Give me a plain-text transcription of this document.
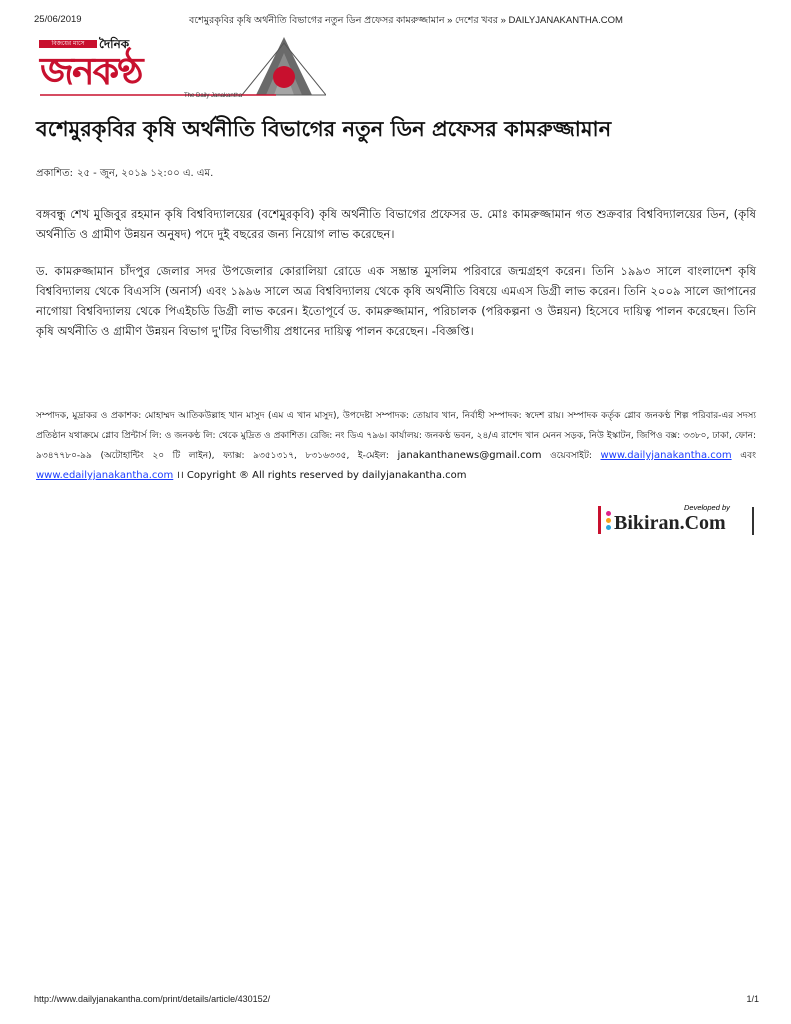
25/06/2019	বশেমুরকৃবির কৃষি অর্থনীতি বিভাগের নতুন ডিন প্রফেসর কামরুজ্জামান » দেশের খবর » DAILYJANAKANTHA.COM
বিজয়ের মাসে	দৈনিক
জনকণ্ঠ
The Daily Janakantha
বশেমুরকৃবির কৃষি অর্থনীতি বিভাগের নতুন ডিন প্রফেসর কামরুজ্জামান
প্রকাশিত: ২৫ - জুন, ২০১৯ ১২:০০ এ. এম.

বঙ্গবন্ধু শেখ মুজিবুর রহমান কৃষি বিশ্ববিদ্যালয়ের (বশেমুরকৃবি) কৃষি অর্থনীতি বিভাগের প্রফেসর ড. মোঃ কামরুজ্জামান গত শুক্রবার বিশ্ববিদ্যালয়ের ডিন, (কৃষি অর্থনীতি ও গ্রামীণ উন্নয়ন অনুষদ) পদে দুই বছরের জন্য নিয়োগ লাভ করেছেন।

ড. কামরুজ্জামান চাঁদপুর জেলার সদর উপজেলার কোরালিয়া রোডে এক সম্ভ্রান্ত মুসলিম পরিবারে জন্মগ্রহণ করেন। তিনি ১৯৯৩ সালে বাংলাদেশ কৃষি বিশ্ববিদ্যালয় থেকে বিএসসি (অনার্স) এবং ১৯৯৬ সালে অত্র বিশ্ববিদ্যালয় থেকে কৃষি অর্থনীতি বিষয়ে এমএস ডিগ্রী লাভ করেন। তিনি ২০০৯ সালে জাপানের নাগোয়া বিশ্ববিদ্যালয় থেকে পিএইচডি ডিগ্রী লাভ করেন। ইতোপূর্বে ড. কামরুজ্জামান, পরিচালক (পরিকল্পনা ও উন্নয়ন) হিসেবে দায়িত্ব পালন করেছেন। তিনি কৃষি অর্থনীতি ও গ্রামীণ উন্নয়ন বিভাগ দু'টির বিভাগীয় প্রধানের দায়িত্ব পালন করেছেন। -বিজ্ঞপ্তি।

সম্পাদক, মুদ্রাকর ও প্রকাশক: মোহাম্মদ আতিকউল্লাহ খান মাসুদ (এম এ খান মাসুদ), উপদেষ্টা সম্পাদক: তোয়াব খান, নির্বাহী সম্পাদক: স্বদেশ রায়। সম্পাদক কর্তৃক গ্লোব জনকণ্ঠ শিল্প পরিবার-এর সদস্য প্রতিষ্ঠান যথাক্রমে গ্লোব প্রিন্টার্স লি: ও জনকণ্ঠ লি: থেকে মুদ্রিত ও প্রকাশিত। রেজি: নং ডিএ ৭৯৬। কার্যালয়: জনকণ্ঠ ভবন, ২৪/এ রাশেদ খান মেনন সড়ক, নিউ ইস্কাটন, জিপিও বক্স: ৩৩৮০, ঢাকা, ফোন: ৯৩৪৭৭৮০-৯৯ (অটোহান্টিং ২০ টি লাইন), ফ্যাক্স: ৯৩৫১৩১৭, ৮৩১৬৩৩৫, ই-মেইল: janakanthanews@gmail.com ওয়েবসাইট: www.dailyjanakantha.com এবং www.edailyjanakantha.com ।। Copyright ® All rights reserved by dailyjanakantha.com

Developed by
Bikiran.Com
http://www.dailyjanakantha.com/print/details/article/430152/	1/1
